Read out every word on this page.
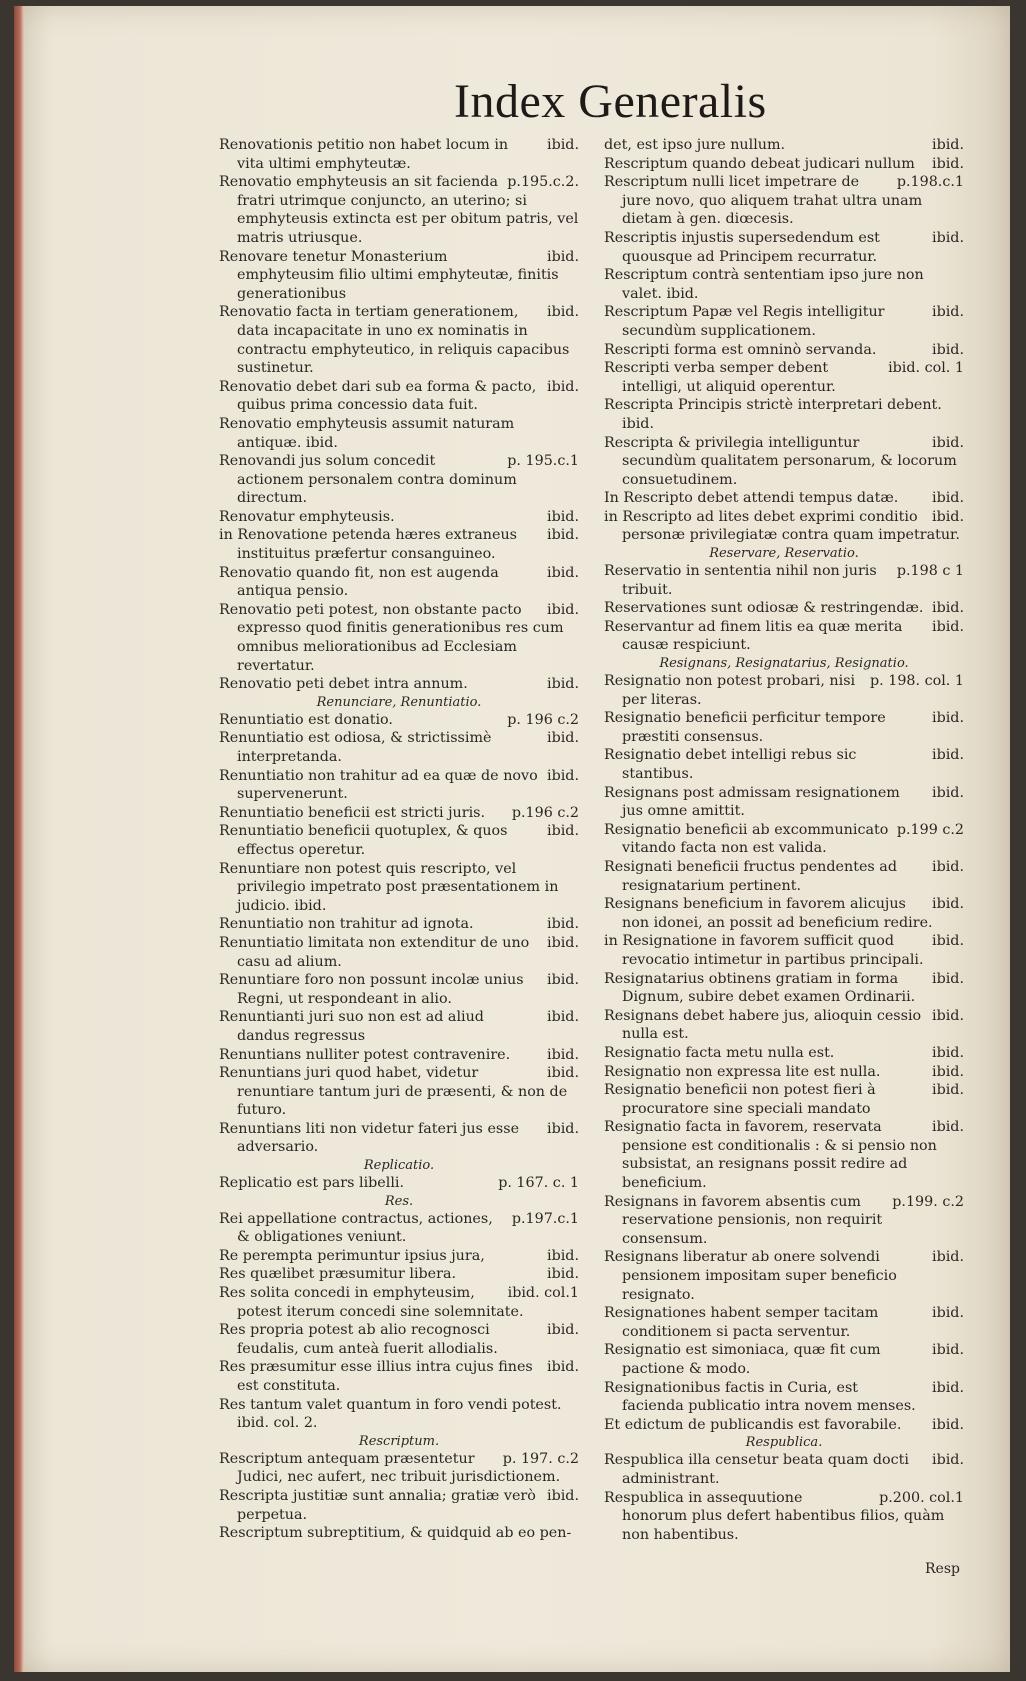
Index Generalis
ibid.
Renovationis petitio non habet locum in vita ultimi emphyteutæ.
p.195.c.2.
Renovatio emphyteusis an sit facienda fratri utrimque conjuncto, an uterino; si emphyteusis extincta est per obitum patris, vel matris utriusque.
ibid.
Renovare tenetur Monasterium emphyteusim filio ultimi emphyteutæ, finitis generationibus
ibid.
Renovatio facta in tertiam generationem, data incapacitate in uno ex nominatis in contractu emphyteutico, in reliquis capacibus sustinetur.
ibid.
Renovatio debet dari sub ea forma & pacto, quibus prima concessio data fuit.
Renovatio emphyteusis assumit naturam antiquæ. ibid.
p. 195.c.1
Renovandi jus solum concedit actionem personalem contra dominum directum.
ibid.
Renovatur emphyteusis.
ibid.
in Renovatione petenda hæres extraneus instituitus præfertur consanguineo.
ibid.
Renovatio quando fit, non est augenda antiqua pensio.
ibid.
Renovatio peti potest, non obstante pacto expresso quod finitis generationibus res cum omnibus meliorationibus ad Ecclesiam revertatur.
ibid.
Renovatio peti debet intra annum.
Renunciare, Renuntiatio.
p. 196 c.2
Renuntiatio est donatio.
ibid.
Renuntiatio est odiosa, & strictissimè interpretanda.
ibid.
Renuntiatio non trahitur ad ea quæ de novo supervenerunt.
p.196 c.2
Renuntiatio beneficii est stricti juris.
ibid.
Renuntiatio beneficii quotuplex, & quos effectus operetur.
Renuntiare non potest quis rescripto, vel privilegio impetrato post præsentationem in judicio. ibid.
ibid.
Renuntiatio non trahitur ad ignota.
ibid.
Renuntiatio limitata non extenditur de uno casu ad alium.
ibid.
Renuntiare foro non possunt incolæ unius Regni, ut respondeant in alio.
ibid.
Renuntianti juri suo non est ad aliud dandus regressus
ibid.
Renuntians nulliter potest contravenire.
ibid.
Renuntians juri quod habet, videtur renuntiare tantum juri de præsenti, & non de futuro.
ibid.
Renuntians liti non videtur fateri jus esse adversario.
Replicatio.
p. 167. c. 1
Replicatio est pars libelli.
Res.
p.197.c.1
Rei appellatione contractus, actiones, & obligationes veniunt.
ibid.
Re perempta perimuntur ipsius jura,
ibid.
Res quælibet præsumitur libera.
ibid. col.1
Res solita concedi in emphyteusim, potest iterum concedi sine solemnitate.
ibid.
Res propria potest ab alio recognosci feudalis, cum anteà fuerit allodialis.
ibid.
Res præsumitur esse illius intra cujus fines est constituta.
Res tantum valet quantum in foro vendi potest. ibid. col. 2.
Rescriptum.
p. 197. c.2
Rescriptum antequam præsentetur Judici, nec aufert, nec tribuit jurisdictionem.
ibid.
Rescripta justitiæ sunt annalia; gratiæ verò perpetua.
Rescriptum subreptitium, & quidquid ab eo pen-
ibid.
det, est ipso jure nullum.
ibid.
Rescriptum quando debeat judicari nullum
p.198.c.1
Rescriptum nulli licet impetrare de jure novo, quo aliquem trahat ultra unam dietam à gen. diœcesis.
ibid.
Rescriptis injustis supersedendum est quousque ad Principem recurratur.
Rescriptum contrà sententiam ipso jure non valet. ibid.
ibid.
Rescriptum Papæ vel Regis intelligitur secundùm supplicationem.
ibid.
Rescripti forma est omninò servanda.
ibid. col. 1
Rescripti verba semper debent intelligi, ut aliquid operentur.
Rescripta Principis strictè interpretari debent. ibid.
ibid.
Rescripta & privilegia intelliguntur secundùm qualitatem personarum, & locorum consuetudinem.
ibid.
In Rescripto debet attendi tempus datæ.
ibid.
in Rescripto ad lites debet exprimi conditio personæ privilegiatæ contra quam impetratur.
Reservare, Reservatio.
p.198 c 1
Reservatio in sententia nihil non juris tribuit.
ibid.
Reservationes sunt odiosæ & restringendæ.
ibid.
Reservantur ad finem litis ea quæ merita causæ respiciunt.
Resignans, Resignatarius, Resignatio.
p. 198. col. 1
Resignatio non potest probari, nisi per literas.
ibid.
Resignatio beneficii perficitur tempore præstiti consensus.
ibid.
Resignatio debet intelligi rebus sic stantibus.
ibid.
Resignans post admissam resignationem jus omne amittit.
p.199 c.2
Resignatio beneficii ab excommunicato vitando facta non est valida.
ibid.
Resignati beneficii fructus pendentes ad resignatarium pertinent.
ibid.
Resignans beneficium in favorem alicujus non idonei, an possit ad beneficium redire.
ibid.
in Resignatione in favorem sufficit quod revocatio intimetur in partibus principali.
ibid.
Resignatarius obtinens gratiam in forma Dignum, subire debet examen Ordinarii.
ibid.
Resignans debet habere jus, alioquin cessio nulla est.
ibid.
Resignatio facta metu nulla est.
ibid.
Resignatio non expressa lite est nulla.
ibid.
Resignatio beneficii non potest fieri à procuratore sine speciali mandato
ibid.
Resignatio facta in favorem, reservata pensione est conditionalis : & si pensio non subsistat, an resignans possit redire ad beneficium.
p.199. c.2
Resignans in favorem absentis cum reservatione pensionis, non requirit consensum.
ibid.
Resignans liberatur ab onere solvendi pensionem impositam super beneficio resignato.
ibid.
Resignationes habent semper tacitam conditionem si pacta serventur.
ibid.
Resignatio est simoniaca, quæ fit cum pactione & modo.
ibid.
Resignationibus factis in Curia, est facienda publicatio intra novem menses.
ibid.
Et edictum de publicandis est favorabile.
Respublica.
ibid.
Respublica illa censetur beata quam docti administrant.
p.200. col.1
Respublica in assequutione honorum plus defert habentibus filios, quàm non habentibus.
Resp
